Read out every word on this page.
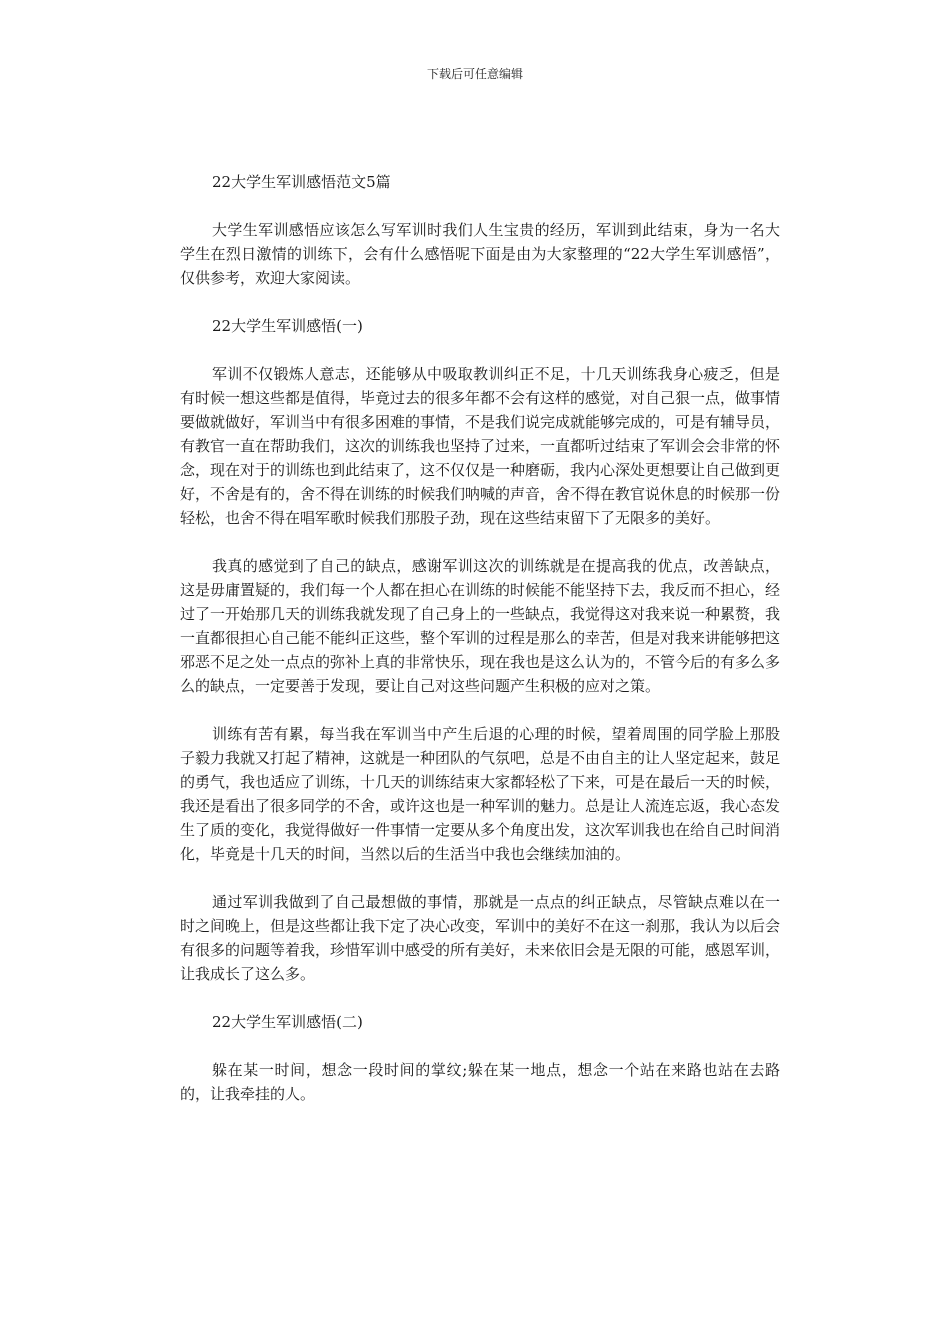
下载后可任意编辑
22大学生军训感悟范文5篇

大学生军训感悟应该怎么写军训时我们人生宝贵的经历，军训到此结束，身为一名大学生在烈日激情的训练下，会有什么感悟呢下面是由为大家整理的“22大学生军训感悟”，仅供参考，欢迎大家阅读。

22大学生军训感悟(一)

军训不仅锻炼人意志，还能够从中吸取教训纠正不足，十几天训练我身心疲乏，但是有时候一想这些都是值得，毕竟过去的很多年都不会有这样的感觉，对自己狠一点，做事情要做就做好，军训当中有很多困难的事情，不是我们说完成就能够完成的，可是有辅导员，有教官一直在帮助我们，这次的训练我也坚持了过来，一直都听过结束了军训会会非常的怀念，现在对于的训练也到此结束了，这不仅仅是一种磨砺，我内心深处更想要让自己做到更好，不舍是有的，舍不得在训练的时候我们呐喊的声音，舍不得在教官说休息的时候那一份轻松，也舍不得在唱军歌时候我们那股子劲，现在这些结束留下了无限多的美好。

我真的感觉到了自己的缺点，感谢军训这次的训练就是在提高我的优点，改善缺点，这是毋庸置疑的，我们每一个人都在担心在训练的时候能不能坚持下去，我反而不担心，经过了一开始那几天的训练我就发现了自己身上的一些缺点，我觉得这对我来说一种累赘，我一直都很担心自己能不能纠正这些，整个军训的过程是那么的幸苦，但是对我来讲能够把这邪恶不足之处一点点的弥补上真的非常快乐，现在我也是这么认为的，不管今后的有多么多么的缺点，一定要善于发现，要让自己对这些问题产生积极的应对之策。

训练有苦有累，每当我在军训当中产生后退的心理的时候，望着周围的同学脸上那股子毅力我就又打起了精神，这就是一种团队的气氛吧，总是不由自主的让人坚定起来，鼓足的勇气，我也适应了训练，十几天的训练结束大家都轻松了下来，可是在最后一天的时候，我还是看出了很多同学的不舍，或许这也是一种军训的魅力。总是让人流连忘返，我心态发生了质的变化，我觉得做好一件事情一定要从多个角度出发，这次军训我也在给自己时间消化，毕竟是十几天的时间，当然以后的生活当中我也会继续加油的。

通过军训我做到了自己最想做的事情，那就是一点点的纠正缺点，尽管缺点难以在一时之间晚上，但是这些都让我下定了决心改变，军训中的美好不在这一刹那，我认为以后会有很多的问题等着我，珍惜军训中感受的所有美好，未来依旧会是无限的可能，感恩军训，让我成长了这么多。

22大学生军训感悟(二)

躲在某一时间，想念一段时间的掌纹;躲在某一地点，想念一个站在来路也站在去路的，让我牵挂的人。
